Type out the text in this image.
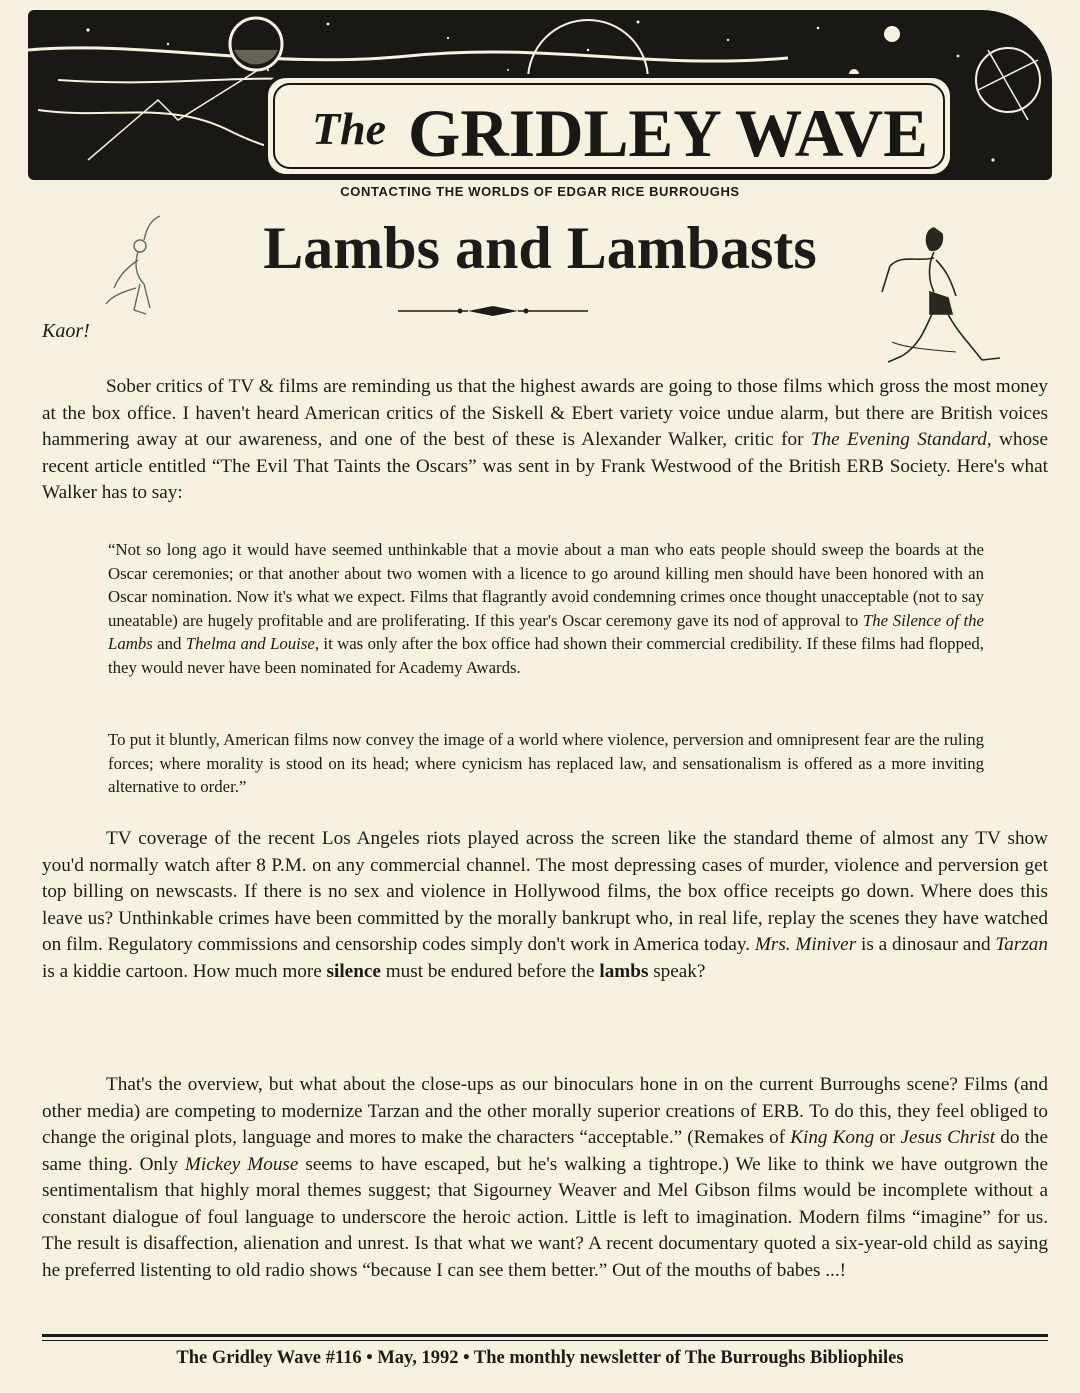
The GRIDLEY WAVE
CONTACTING THE WORLDS OF EDGAR RICE BURROUGHS
Lambs and Lambasts
Kaor!

Sober critics of TV & films are reminding us that the highest awards are going to those films which gross the most money at the box office. I haven't heard American critics of the Siskell & Ebert variety voice undue alarm, but there are British voices hammering away at our awareness, and one of the best of these is Alexander Walker, critic for The Evening Standard, whose recent article entitled “The Evil That Taints the Oscars” was sent in by Frank Westwood of the British ERB Society. Here's what Walker has to say:

“Not so long ago it would have seemed unthinkable that a movie about a man who eats people should sweep the boards at the Oscar ceremonies; or that another about two women with a licence to go around killing men should have been honored with an Oscar nomination. Now it's what we expect. Films that flagrantly avoid condemning crimes once thought unacceptable (not to say uneatable) are hugely profitable and are proliferating. If this year's Oscar ceremony gave its nod of approval to The Silence of the Lambs and Thelma and Louise, it was only after the box office had shown their commercial credibility. If these films had flopped, they would never have been nominated for Academy Awards.

To put it bluntly, American films now convey the image of a world where violence, perversion and omnipresent fear are the ruling forces; where morality is stood on its head; where cynicism has replaced law, and sensationalism is offered as a more inviting alternative to order.”

TV coverage of the recent Los Angeles riots played across the screen like the standard theme of almost any TV show you'd normally watch after 8 P.M. on any commercial channel. The most depressing cases of murder, violence and perversion get top billing on newscasts. If there is no sex and violence in Hollywood films, the box office receipts go down. Where does this leave us? Unthinkable crimes have been committed by the morally bankrupt who, in real life, replay the scenes they have watched on film. Regulatory commissions and censorship codes simply don't work in America today. Mrs. Miniver is a dinosaur and Tarzan is a kiddie cartoon. How much more silence must be endured before the lambs speak?

That's the overview, but what about the close-ups as our binoculars hone in on the current Burroughs scene? Films (and other media) are competing to modernize Tarzan and the other morally superior creations of ERB. To do this, they feel obliged to change the original plots, language and mores to make the characters “acceptable.” (Remakes of King Kong or Jesus Christ do the same thing. Only Mickey Mouse seems to have escaped, but he's walking a tightrope.) We like to think we have outgrown the sentimentalism that highly moral themes suggest; that Sigourney Weaver and Mel Gibson films would be incomplete without a constant dialogue of foul language to underscore the heroic action. Little is left to imagination. Modern films “imagine” for us. The result is disaffection, alienation and unrest. Is that what we want? A recent documentary quoted a six-year-old child as saying he preferred listenting to old radio shows “because I can see them better.” Out of the mouths of babes ...!

The Gridley Wave #116 • May, 1992 • The monthly newsletter of The Burroughs Bibliophiles
